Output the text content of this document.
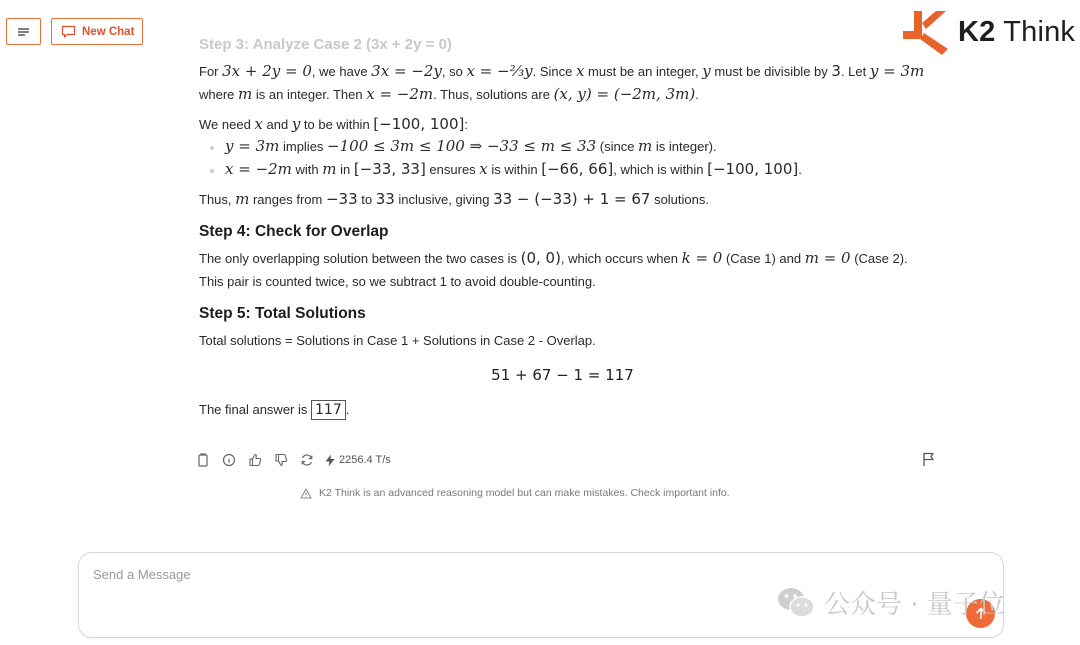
New Chat	K2 Think
Step 3: Analyze Case 2 (3x + 2y = 0)
For 3x + 2y = 0, we have 3x = −2y, so x = −⅔y. Since x must be an integer, y must be divisible by 3. Let y = 3m
where m is an integer. Then x = −2m. Thus, solutions are (x, y) = (−2m, 3m).
We need x and y to be within [−100, 100]:
y = 3m implies −100 ≤ 3m ≤ 100 ⇒ −33 ≤ m ≤ 33 (since m is integer).
x = −2m with m in [−33, 33] ensures x is within [−66, 66], which is within [−100, 100].
Thus, m ranges from −33 to 33 inclusive, giving 33 − (−33) + 1 = 67 solutions.
Step 4: Check for Overlap
The only overlapping solution between the two cases is (0, 0), which occurs when k = 0 (Case 1) and m = 0 (Case 2).
This pair is counted twice, so we subtract 1 to avoid double-counting.
Step 5: Total Solutions
Total solutions = Solutions in Case 1 + Solutions in Case 2 - Overlap.
51 + 67 − 1 = 117
The final answer is 117 .
2256.4 T/s
K2 Think is an advanced reasoning model but can make mistakes. Check important info.
Send a Message
公众号 · 量子位
